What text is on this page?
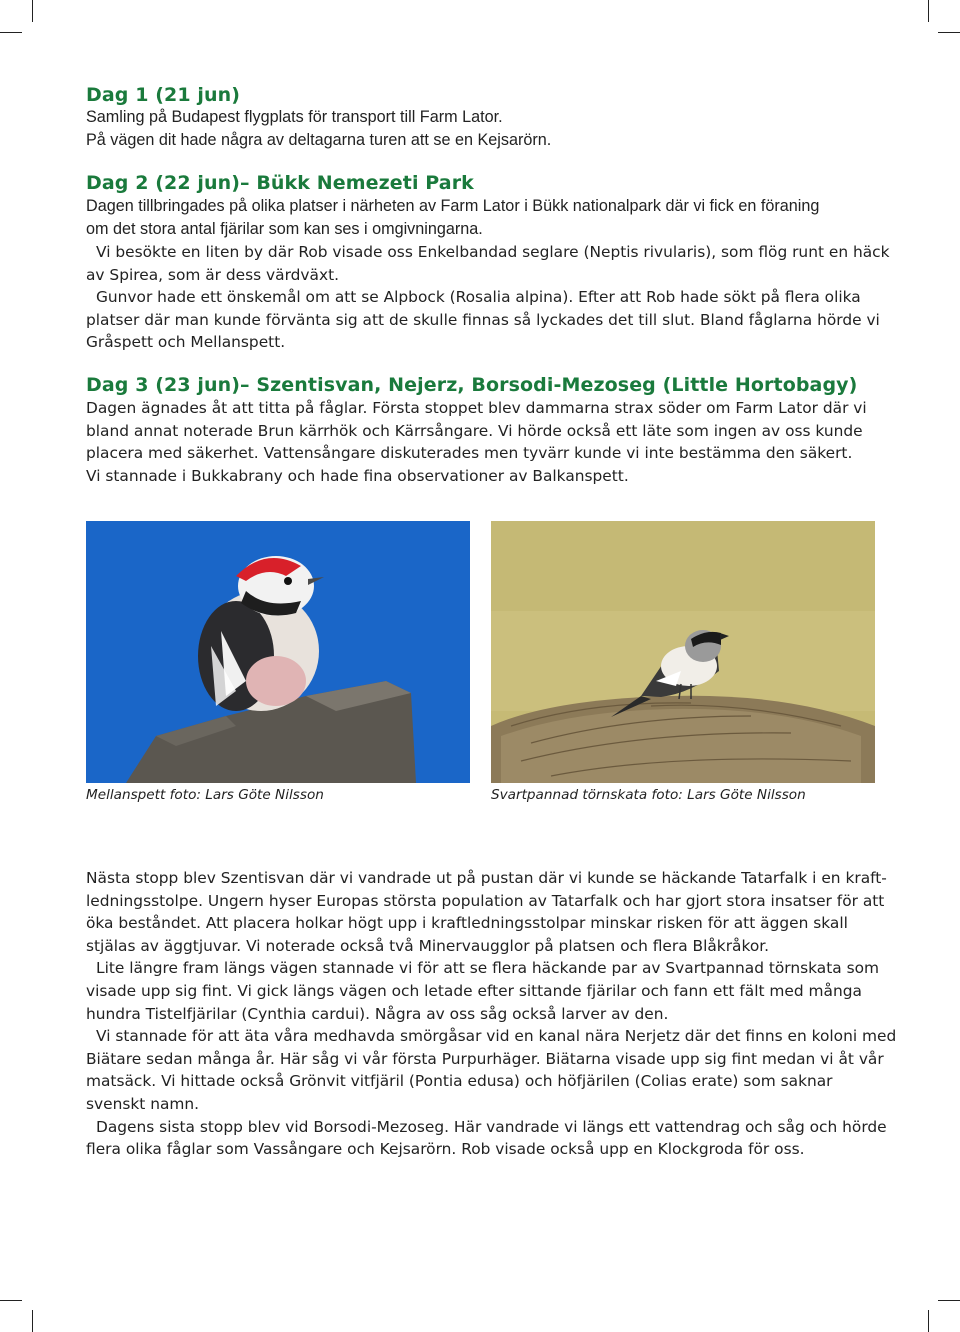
Dag 1 (21 jun)
Samling på Budapest flygplats för transport till Farm Lator.
På vägen dit hade några av deltagarna turen att se en Kejsarörn.
Dag 2 (22 jun)– Bükk Nemezeti Park
Dagen tillbringades på olika platser i närheten av Farm Lator i Bükk nationalpark där vi fick en föraning
om det stora antal fjärilar som kan ses i omgivningarna.
Vi besökte en liten by där Rob visade oss Enkelbandad seglare (Neptis rivularis), som flög runt en häck
av Spirea, som är dess värdväxt.
Gunvor hade ett önskemål om att se Alpbock (Rosalia alpina). Efter att Rob hade sökt på flera olika
platser där man kunde förvänta sig att de skulle finnas så lyckades det till slut. Bland fåglarna hörde vi
Gråspett och Mellanspett.
Dag 3 (23 jun)– Szentisvan, Nejerz, Borsodi-Mezoseg (Little Hortobagy)
Dagen ägnades åt att titta på fåglar. Första stoppet blev dammarna strax söder om Farm Lator där vi
bland annat noterade Brun kärrhök och Kärrsångare. Vi hörde också ett läte som ingen av oss kunde
placera med säkerhet. Vattensångare diskuterades men tyvärr kunde vi inte bestämma den säkert.
Vi stannade i Bukkabrany och hade fina observationer av Balkanspett.

Mellanspett foto: Lars Göte Nilsson	Svartpannad törnskata foto: Lars Göte Nilsson

Nästa stopp blev Szentisvan där vi vandrade ut på pustan där vi kunde se häckande Tatarfalk i en kraft-
ledningsstolpe. Ungern hyser Europas största population av Tatarfalk och har gjort stora insatser för att
öka beståndet. Att placera holkar högt upp i kraftledningsstolpar minskar risken för att äggen skall
stjälas av äggtjuvar. Vi noterade också två Minervaugglor på platsen och flera Blåkråkor.
Lite längre fram längs vägen stannade vi för att se flera häckande par av Svartpannad törnskata som
visade upp sig fint. Vi gick längs vägen och letade efter sittande fjärilar och fann ett fält med många
hundra Tistelfjärilar (Cynthia cardui). Några av oss såg också larver av den.
Vi stannade för att äta våra medhavda smörgåsar vid en kanal nära Nerjetz där det finns en koloni med
Biätare sedan många år. Här såg vi vår första Purpurhäger. Biätarna visade upp sig fint medan vi åt vår
matsäck. Vi hittade också Grönvit vitfjäril (Pontia edusa) och höfjärilen (Colias erate) som saknar
svenskt namn.
Dagens sista stopp blev vid Borsodi-Mezoseg. Här vandrade vi längs ett vattendrag och såg och hörde
flera olika fåglar som Vassångare och Kejsarörn. Rob visade också upp en Klockgroda för oss.
